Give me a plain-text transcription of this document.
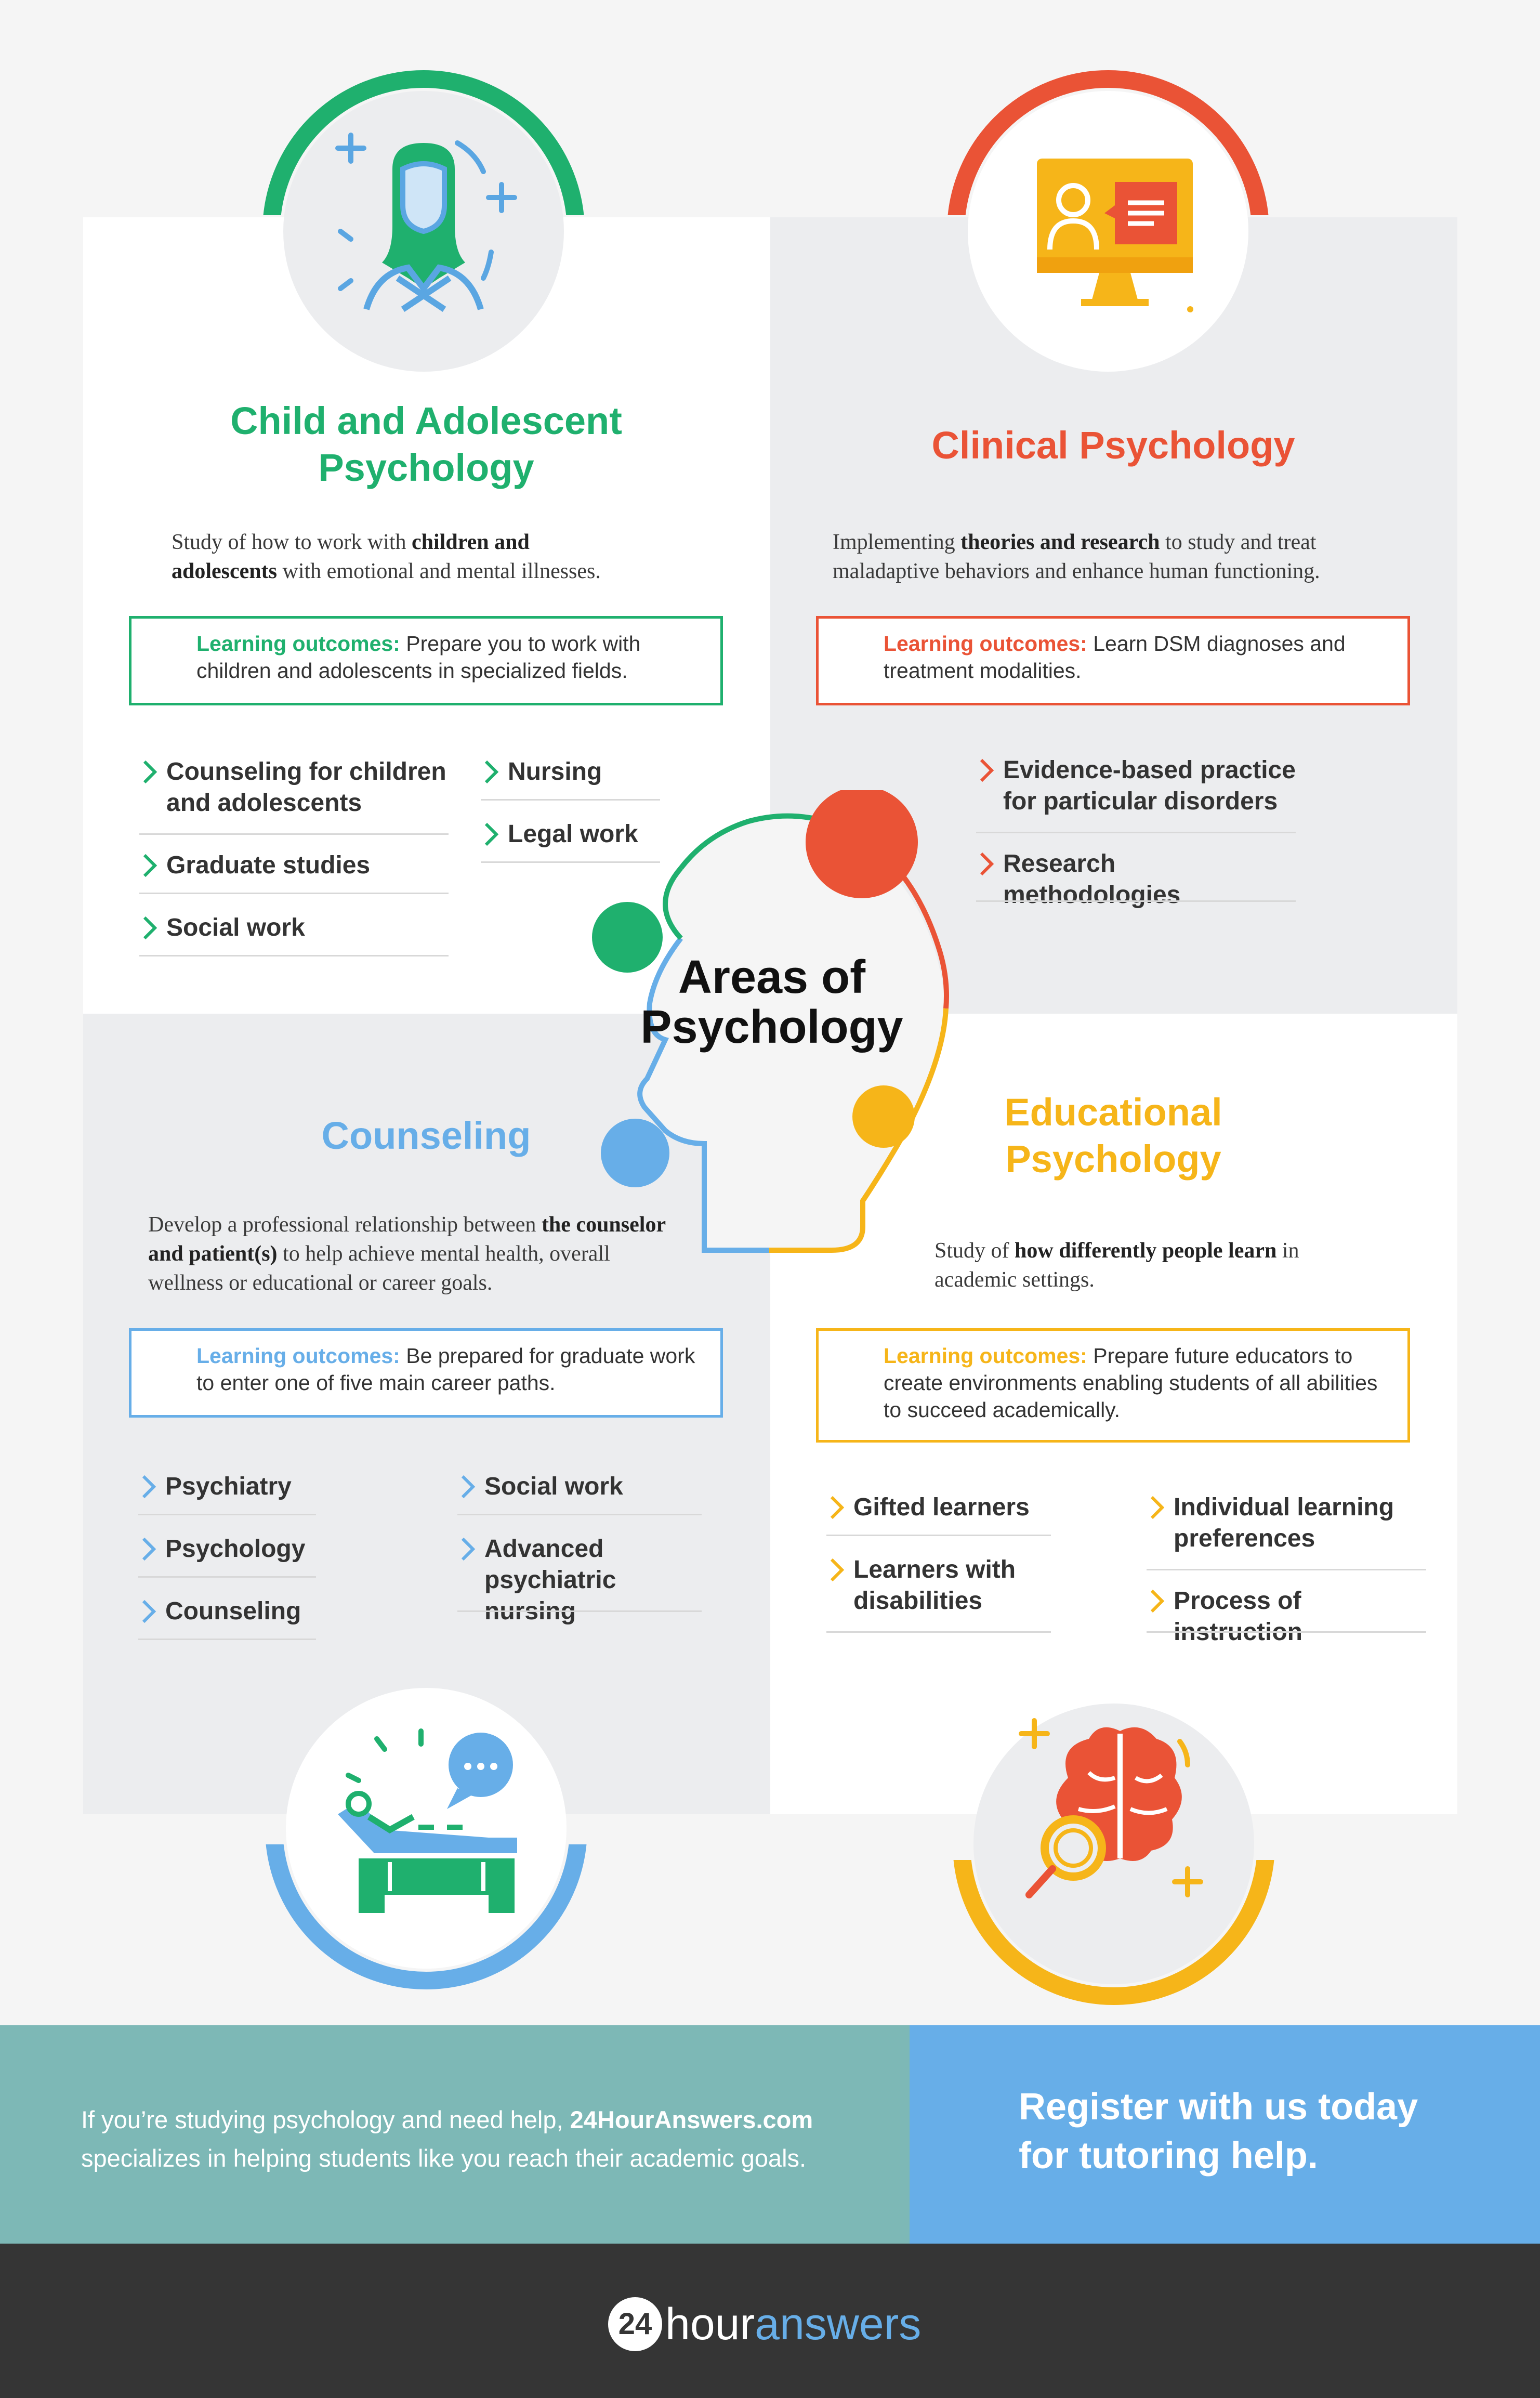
Child and Adolescent
Psychology
Study of how to work with children and adolescents with emotional and mental illnesses.
Learning outcomes: Prepare you to work with children and adolescents in specialized fields.
Counseling for children and adolescents
Graduate studies
Social work
Nursing
Legal work
Clinical Psychology
Implementing theories and research to study and treat maladaptive behaviors and enhance human functioning.
Learning outcomes: Learn DSM diagnoses and treatment modalities.
Evidence-based practice for particular disorders
Research methodologies
Counseling
Develop a professional relationship between the counselor and patient(s) to help achieve mental health, overall wellness or educational or career goals.
Learning outcomes: Be prepared for graduate work to enter one of five main career paths.
Psychiatry
Psychology
Counseling
Social work
Advanced psychiatric nursing
Educational
Psychology
Study of how differently people learn in academic settings.
Learning outcomes: Prepare future educators to create environments enabling students of all abilities to succeed academically.
Gifted learners
Learners with disabilities
Individual learning preferences
Process of instruction
Areas of
Psychology
If you’re studying psychology and need help, 24HourAnswers.com specializes in helping students like you reach their academic goals.
Register with us today
for tutoring help.
24 hour answers
